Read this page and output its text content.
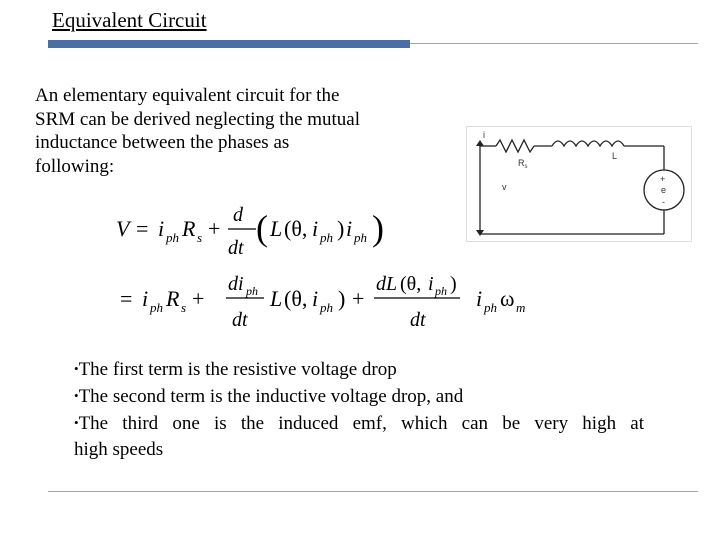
Equivalent Circuit
An elementary equivalent circuit for the
SRM can be derived neglecting the mutual
inductance between the phases as
following:
i
v
$R_s$
L
+
e
-
V = i ph R s +
d
dt ( L (θ, i ph ) i ph )
= i ph R s +
di ph
dt
L (θ, i ph ) +
dL (θ, i ph )
dt
i ph ω m
•The first term is the resistive voltage drop
•The second term is the inductive voltage drop, and
•The third one is the induced emf, which can be very high at
high speeds
